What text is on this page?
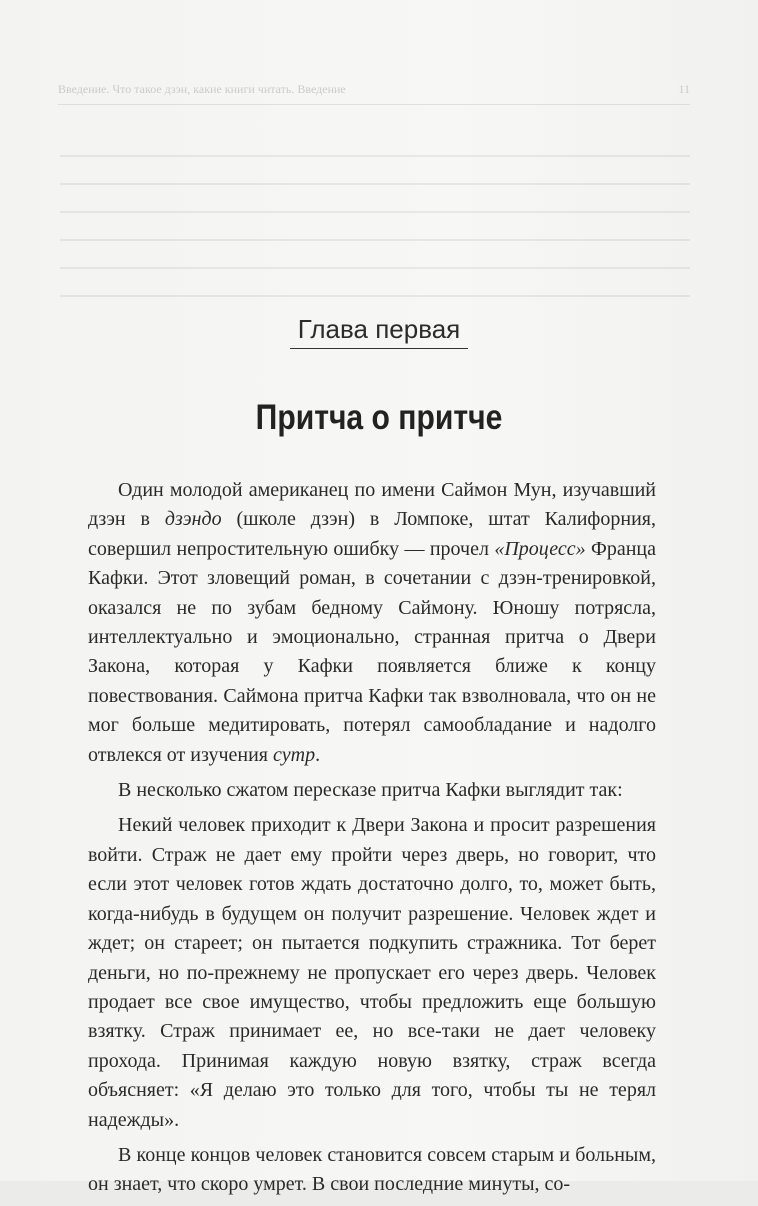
Введение. Что такое дзэн, какие книги читать. Введение	11
Глава первая
Притча о притче

Один молодой американец по имени Саймон Мун, изучавший дзэн в дзэндо (школе дзэн) в Ломпоке, штат Калифорния, совершил непростительную ошибку — прочел «Процесс» Франца Кафки. Этот зловещий роман, в сочетании с дзэн-тренировкой, оказался не по зубам бедному Саймону. Юношу потрясла, интеллектуально и эмоционально, странная притча о Двери Закона, которая у Кафки появляется ближе к концу повествования. Саймона притча Кафки так взволновала, что он не мог больше медитировать, потерял самообладание и надолго отвлекся от изучения сутр.

В несколько сжатом пересказе притча Кафки выглядит так:

Некий человек приходит к Двери Закона и просит разрешения войти. Страж не дает ему пройти через дверь, но говорит, что если этот человек готов ждать достаточно долго, то, может быть, когда-нибудь в будущем он получит разрешение. Человек ждет и ждет; он стареет; он пытается подкупить стражника. Тот берет деньги, но по-прежнему не пропускает его через дверь. Человек продает все свое имущество, чтобы предложить еще большую взятку. Страж принимает ее, но все-таки не дает человеку прохода. Принимая каждую новую взятку, страж всегда объясняет: «Я делаю это только для того, чтобы ты не терял надежды».

В конце концов человек становится совсем старым и больным, он знает, что скоро умрет. В свои последние минуты, со-
